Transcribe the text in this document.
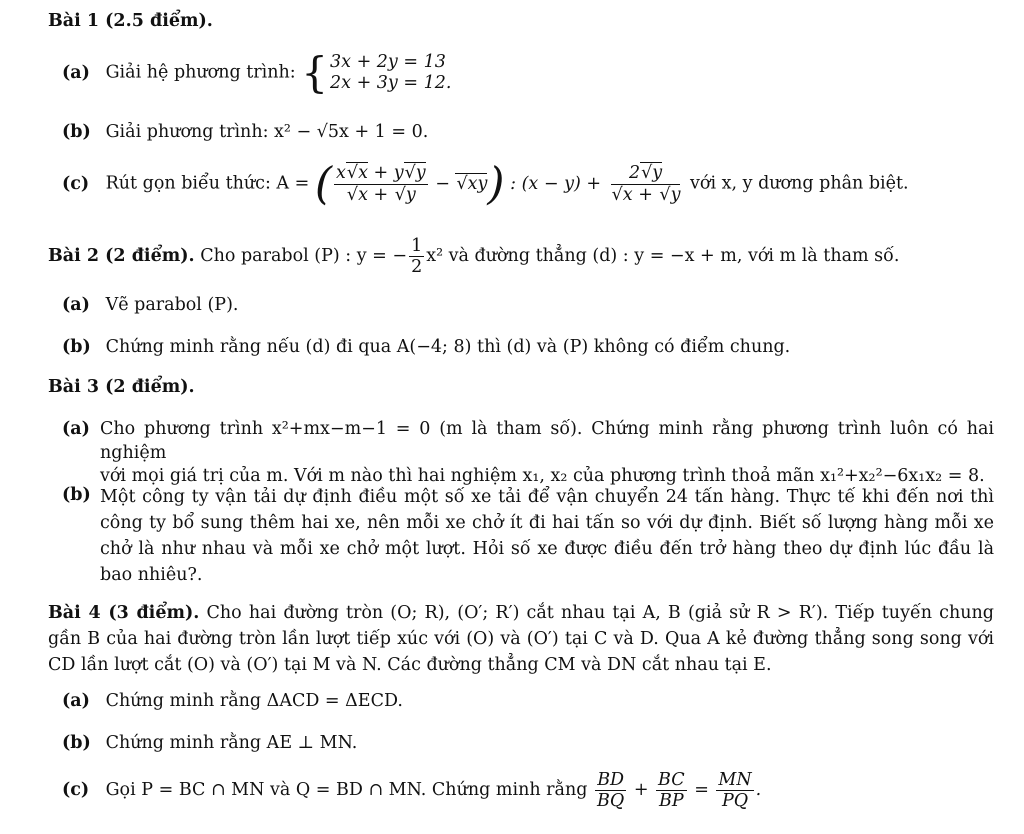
Bài 1 (2.5 điểm).
(a) Giải hệ phương trình: { 3x + 2y = 13
2x + 3y = 12.
(b) Giải phương trình: x² − √5x + 1 = 0.
(c) Rút gọn biểu thức: A = ( $\frac{x√x + y√y}{√x + √y} - √xy$) : $(x - y) + \frac{2√y}{√x + √y}$ với x, y dương phân biệt.
Bài 2 (2 điểm). Cho parabol (P) : y = − $\frac{1}{2} x^2$ và đường thẳng (d) : y = −x + m, với m là tham số.
(a) Vẽ parabol (P).
(b) Chứng minh rằng nếu (d) đi qua A(−4; 8) thì (d) và (P) không có điểm chung.
Bài 3 (2 điểm).
(a) Cho phương trình x²+mx−m−1 = 0 (m là tham số). Chứng minh rằng phương trình luôn có hai nghiệm
với mọi giá trị của m. Với m nào thì hai nghiệm x₁, x₂ của phương trình thoả mãn x₁²+x₂²−6x₁x₂ = 8.
(b) Một công ty vận tải dự định điều một số xe tải để vận chuyển 24 tấn hàng. Thực tế khi đến nơi thì công ty bổ sung thêm hai xe, nên mỗi xe chở ít đi hai tấn so với dự định. Biết số lượng hàng mỗi xe chở là như nhau và mỗi xe chở một lượt. Hỏi số xe được điều đến trở hàng theo dự định lúc đầu là bao nhiêu?.
Bài 4 (3 điểm). Cho hai đường tròn (O; R), (O′; R′) cắt nhau tại A, B (giả sử R > R′). Tiếp tuyến chung gần B của hai đường tròn lần lượt tiếp xúc với (O) và (O′) tại C và D. Qua A kẻ đường thẳng song song với CD lần lượt cắt (O) và (O′) tại M và N. Các đường thẳng CM và DN cắt nhau tại E.
(a) Chứng minh rằng ΔACD = ΔECD.
(b) Chứng minh rằng AE ⊥ MN.
(c) Gọi P = BC ∩ MN và Q = BD ∩ MN. Chứng minh rằng $\frac{BD}{BQ} + \frac{BC}{BP} = \frac{MN}{PQ}$ .
